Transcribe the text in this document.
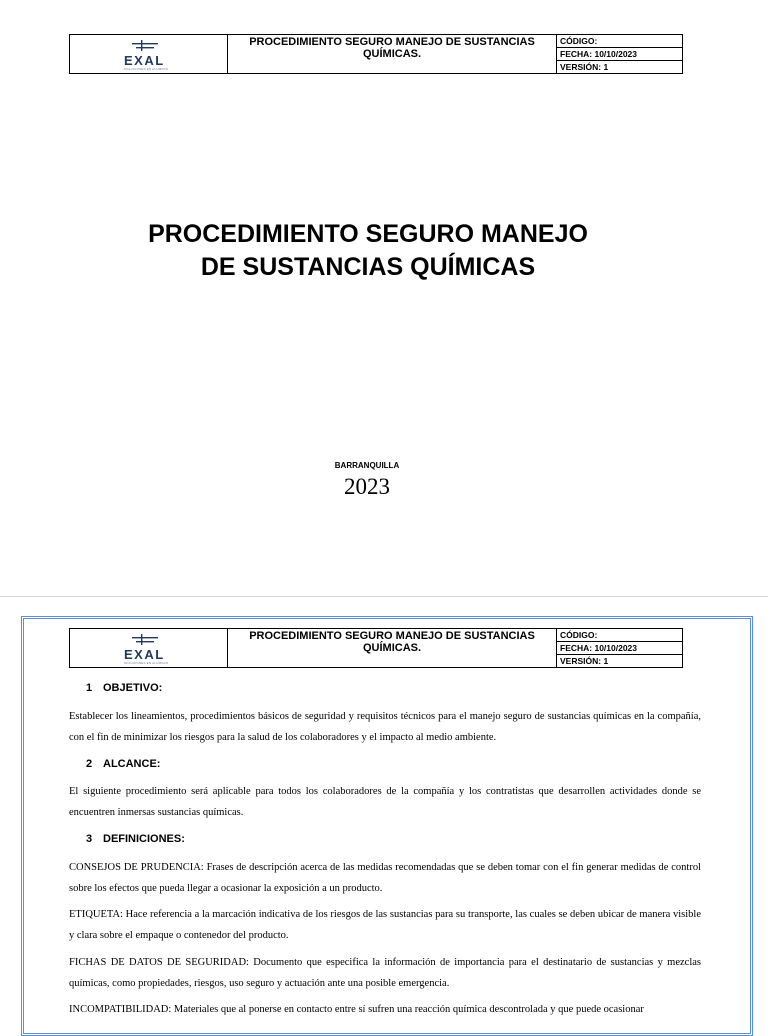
EXAL
SOLUCIONES EN ALUMINIO

PROCEDIMIENTO SEGURO MANEJO DE SUSTANCIAS
QUÍMICAS.
	CÓDIGO:
FECHA: 10/10/2023
VERSIÓN: 1
PROCEDIMIENTO SEGURO MANEJO
DE SUSTANCIAS QUÍMICAS
BARRANQUILLA
2023
EXAL
SOLUCIONES EN ALUMINIO

PROCEDIMIENTO SEGURO MANEJO DE SUSTANCIAS
QUÍMICAS.
	CÓDIGO:
FECHA: 10/10/2023
VERSIÓN: 1
1 OBJETIVO:
Establecer los lineamientos, procedimientos básicos de seguridad y requisitos técnicos para el manejo seguro de sustancias químicas en la compañía, con el fin de minimizar los riesgos para la salud de los colaboradores y el impacto al medio ambiente.
2 ALCANCE:
El siguiente procedimiento será aplicable para todos los colaboradores de la compañía y los contratistas que desarrollen actividades donde se encuentren inmersas sustancias químicas.
3 DEFINICIONES:
CONSEJOS DE PRUDENCIA: Frases de descripción acerca de las medidas recomendadas que se deben tomar con el fin generar medidas de control sobre los efectos que pueda llegar a ocasionar la exposición a un producto.
ETIQUETA: Hace referencia a la marcación indicativa de los riesgos de las sustancias para su transporte, las cuales se deben ubicar de manera visible y clara sobre el empaque o contenedor del producto.
FICHAS DE DATOS DE SEGURIDAD: Documento que especifica la información de importancia para el destinatario de sustancias y mezclas químicas, como propiedades, riesgos, uso seguro y actuación ante una posible emergencia.
INCOMPATIBILIDAD: Materiales que al ponerse en contacto entre sí sufren una reacción química descontrolada y que puede ocasionar
